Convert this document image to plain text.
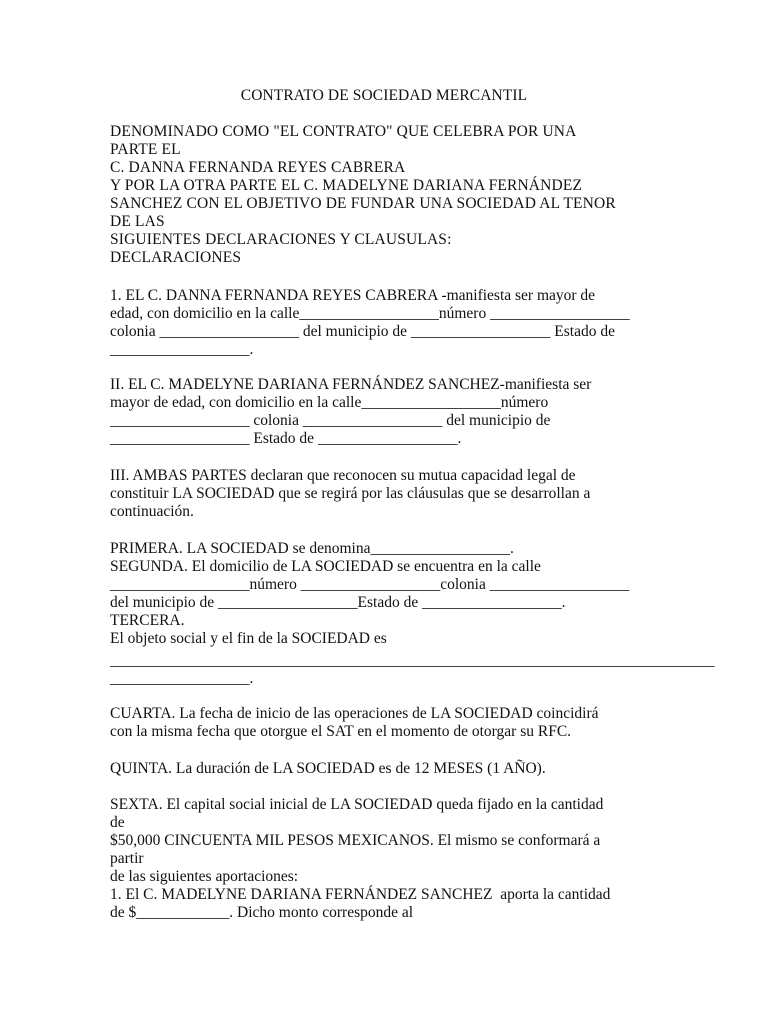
CONTRATO DE SOCIEDAD MERCANTIL
DENOMINADO COMO "EL CONTRATO" QUE CELEBRA POR UNA
PARTE EL
C. DANNA FERNANDA REYES CABRERA
Y POR LA OTRA PARTE EL C. MADELYNE DARIANA FERNÁNDEZ
SANCHEZ CON EL OBJETIVO DE FUNDAR UNA SOCIEDAD AL TENOR
DE LAS
SIGUIENTES DECLARACIONES Y CLAUSULAS:
DECLARACIONES
1. EL C. DANNA FERNANDA REYES CABRERA -manifiesta ser mayor de
edad, con domicilio en la calle__________________número __________________
colonia __________________ del municipio de __________________ Estado de
__________________.
II. EL C. MADELYNE DARIANA FERNÁNDEZ SANCHEZ-manifiesta ser
mayor de edad, con domicilio en la calle__________________número
__________________ colonia __________________ del municipio de
__________________ Estado de __________________.
III. AMBAS PARTES declaran que reconocen su mutua capacidad legal de
constituir LA SOCIEDAD que se regirá por las cláusulas que se desarrollan a
continuación.
PRIMERA. LA SOCIEDAD se denomina__________________.
SEGUNDA. El domicilio de LA SOCIEDAD se encuentra en la calle
__________________número __________________colonia __________________
del municipio de __________________Estado de __________________.
TERCERA.
El objeto social y el fin de la SOCIEDAD es
______________________________________________________________________________
__________________.
CUARTA. La fecha de inicio de las operaciones de LA SOCIEDAD coincidirá
con la misma fecha que otorgue el SAT en el momento de otorgar su RFC.
QUINTA. La duración de LA SOCIEDAD es de 12 MESES (1 AÑO).
SEXTA. El capital social inicial de LA SOCIEDAD queda fijado en la cantidad
de
$50,000 CINCUENTA MIL PESOS MEXICANOS. El mismo se conformará a
partir
de las siguientes aportaciones:
1. El C. MADELYNE DARIANA FERNÁNDEZ SANCHEZ  aporta la cantidad
de $____________. Dicho monto corresponde al
